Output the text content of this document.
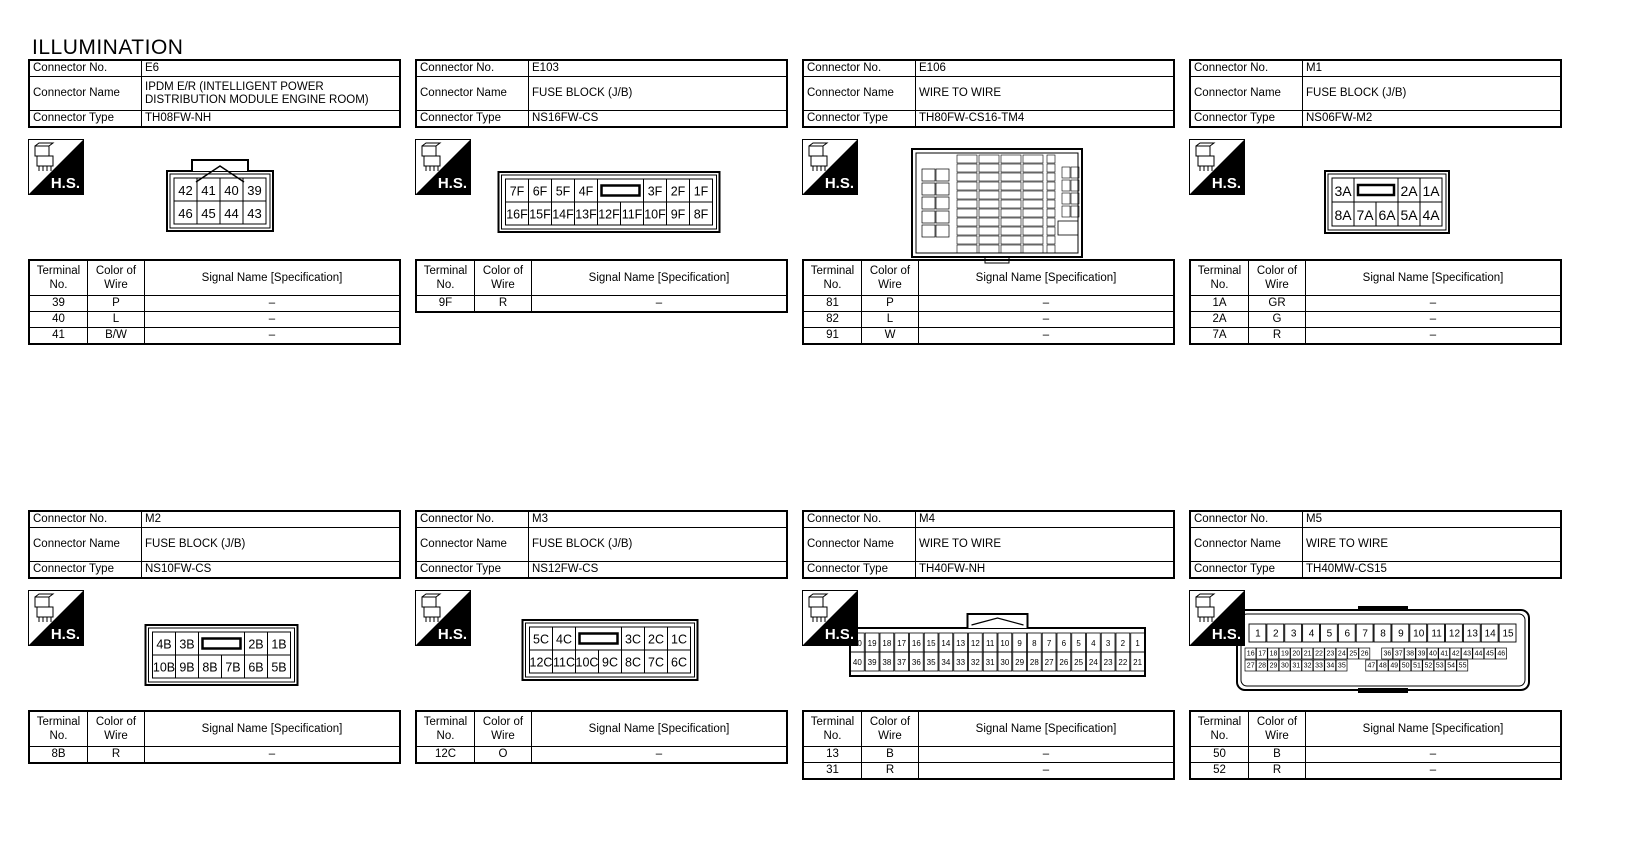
ILLUMINATION
Connector No.	E6
Connector Name	IPDM E/R (INTELLIGENT POWER DISTRIBUTION MODULE ENGINE ROOM)
Connector Type	TH08FW-NH
H.S.	42 41 40 39
46 45 44 43
Terminal No.	Color of Wire	Signal Name [Specification]
39	P	–
40	L	–
41	B/W	–
Connector No.	E103
Connector Name	FUSE BLOCK (J/B)
Connector Type	NS16FW-CS
H.S.	7F 6F 5F 4F	3F 2F 1F
16F 15F 14F 13F 12F 11F 10F 9F 8F
Terminal No.	Color of Wire	Signal Name [Specification]
9F	R	–
Connector No.	E106
Connector Name	WIRE TO WIRE
Connector Type	TH80FW-CS16-TM4
H.S.
Terminal No.	Color of Wire	Signal Name [Specification]
81	P	–
82	L	–
91	W	–
Connector No.	M1
Connector Name	FUSE BLOCK (J/B)
Connector Type	NS06FW-M2
H.S.	3A	2A 1A
8A 7A 6A 5A 4A
Terminal No.	Color of Wire	Signal Name [Specification]
1A	GR	–
2A	G	–
7A	R	–
Connector No.	M2
Connector Name	FUSE BLOCK (J/B)
Connector Type	NS10FW-CS
H.S.
4B 3B	2B 1B
10B 9B 8B 7B 6B 5B
Terminal No.	Color of Wire	Signal Name [Specification]
8B	R	–
Connector No.	M3
Connector Name	FUSE BLOCK (J/B)
Connector Type	NS12FW-CS
H.S.	5C 4C	3C 2C 1C
12C 11C 10C 9C 8C 7C 6C
Terminal No.	Color of Wire	Signal Name [Specification]
12C	O	–
Connector No.	M4
Connector Name	WIRE TO WIRE
Connector Type	TH40FW-NH
H.S.
20 19 18 17 16 15 14 13 12 11 10 9 8 7 6 5 4 3 2 1
40 39 38 37 36 35 34 33 32 31 30 29 28 27 26 25 24 23 22 21
Terminal No.	Color of Wire	Signal Name [Specification]
13	B	–
31	R	–
Connector No.	M5
Connector Name	WIRE TO WIRE
Connector Type	TH40MW-CS15
H.S. 1 2 3 4 5 6 7 8 9 10 11 12 13 14 15
16 17 18 19 20 21 22 23 24 25 26 36 37 38 39 40 41 42 43 44 45 46
27 28 29 30 31 32 33 34 35	47 48 49 50 51 52 53 54 55
Terminal No.	Color of Wire	Signal Name [Specification]
50	B	–
52	R	–
